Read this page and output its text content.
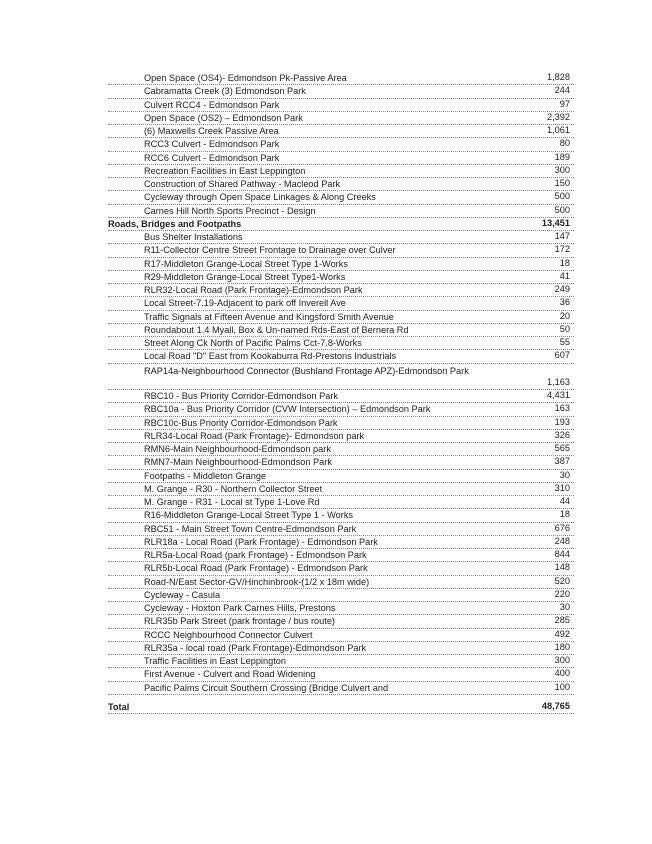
Open Space (OS4)- Edmondson Pk-Passive Area	1,828
Cabramatta Creek (3) Edmondson Park	244
Culvert RCC4 - Edmondson Park	97
Open Space (OS2) – Edmondson Park	2,392
(6) Maxwells Creek Passive Area	1,061
RCC3 Culvert - Edmondson Park	80
RCC6 Culvert - Edmondson Park	189
Recreation Facilities in East Leppington	300
Construction of Shared Pathway - Macleod Park	150
Cycleway through Open Space Linkages & Along Creeks	500
Carnes Hill North Sports Precinct - Design	500
Roads, Bridges and Footpaths	13,451
Bus Shelter Installations	147
R11-Collector Centre Street Frontage to Drainage over Culver	172
R17-Middleton Grange-Local Street Type 1-Works	18
R29-Middleton Grange-Local Street Type1-Works	41
RLR32-Local Road (Park Frontage)-Edmondson Park	249
Local Street-7.19-Adjacent to park off Inverell Ave	36
Traffic Signals at Fifteen Avenue and Kingsford Smith Avenue	20
Roundabout 1.4 Myall, Box & Un-named Rds-East of Bernera Rd	50
Street Along Ck North of Pacific Palms Cct-7.8-Works	55
Local Road "D" East from Kookaburra Rd-Prestons Industrials	607
RAP14a-Neighbourhood Connector (Bushland Frontage APZ)-Edmondson Park
1,163
RBC10 - Bus Priority Corridor-Edmondson Park	4,431
RBC10a - Bus Priority Corridor (CVW Intersection) – Edmondson Park	163
RBC10c-Bus Priority Corridor-Edmondson Park	193
RLR34-Local Road (Park Frontage)- Edmondson park	326
RMN6-Main Neighbourhood-Edmondson park	565
RMN7-Main Neighbourhood-Edmondson Park	387
Footpaths - Middleton Grange	30
M. Grange - R30 - Northern Collector Street	310
M. Grange - R31 - Local st Type 1-Love Rd	44
R16-Middleton Grange-Local Street Type 1 - Works	18
RBC51 - Main Street Town Centre-Edmondson Park	676
RLR18a - Local Road (Park Frontage) - Edmondson Park	248
RLR5a-Local Road (park Frontage) - Edmondson Park	844
RLR5b-Local Road (Park Frontage) - Edmondson Park	148
Road-N/East Sector-GV/Hinchinbrook-(1/2 x 18m wide)	520
Cycleway - Casula	220
Cycleway - Hoxton Park Carnes Hills, Prestons	30
RLR35b Park Street (park frontage / bus route)	285
RCCC Neighbourhood Connector Culvert	492
RLR35a - local road (Park Frontage)-Edmondson Park	180
Traffic Facilities in East Leppington	300
First Avenue - Culvert and Road Widening	400
Pacific Palms Circuit Southern Crossing (Bridge Culvert and	100
Total	48,765
